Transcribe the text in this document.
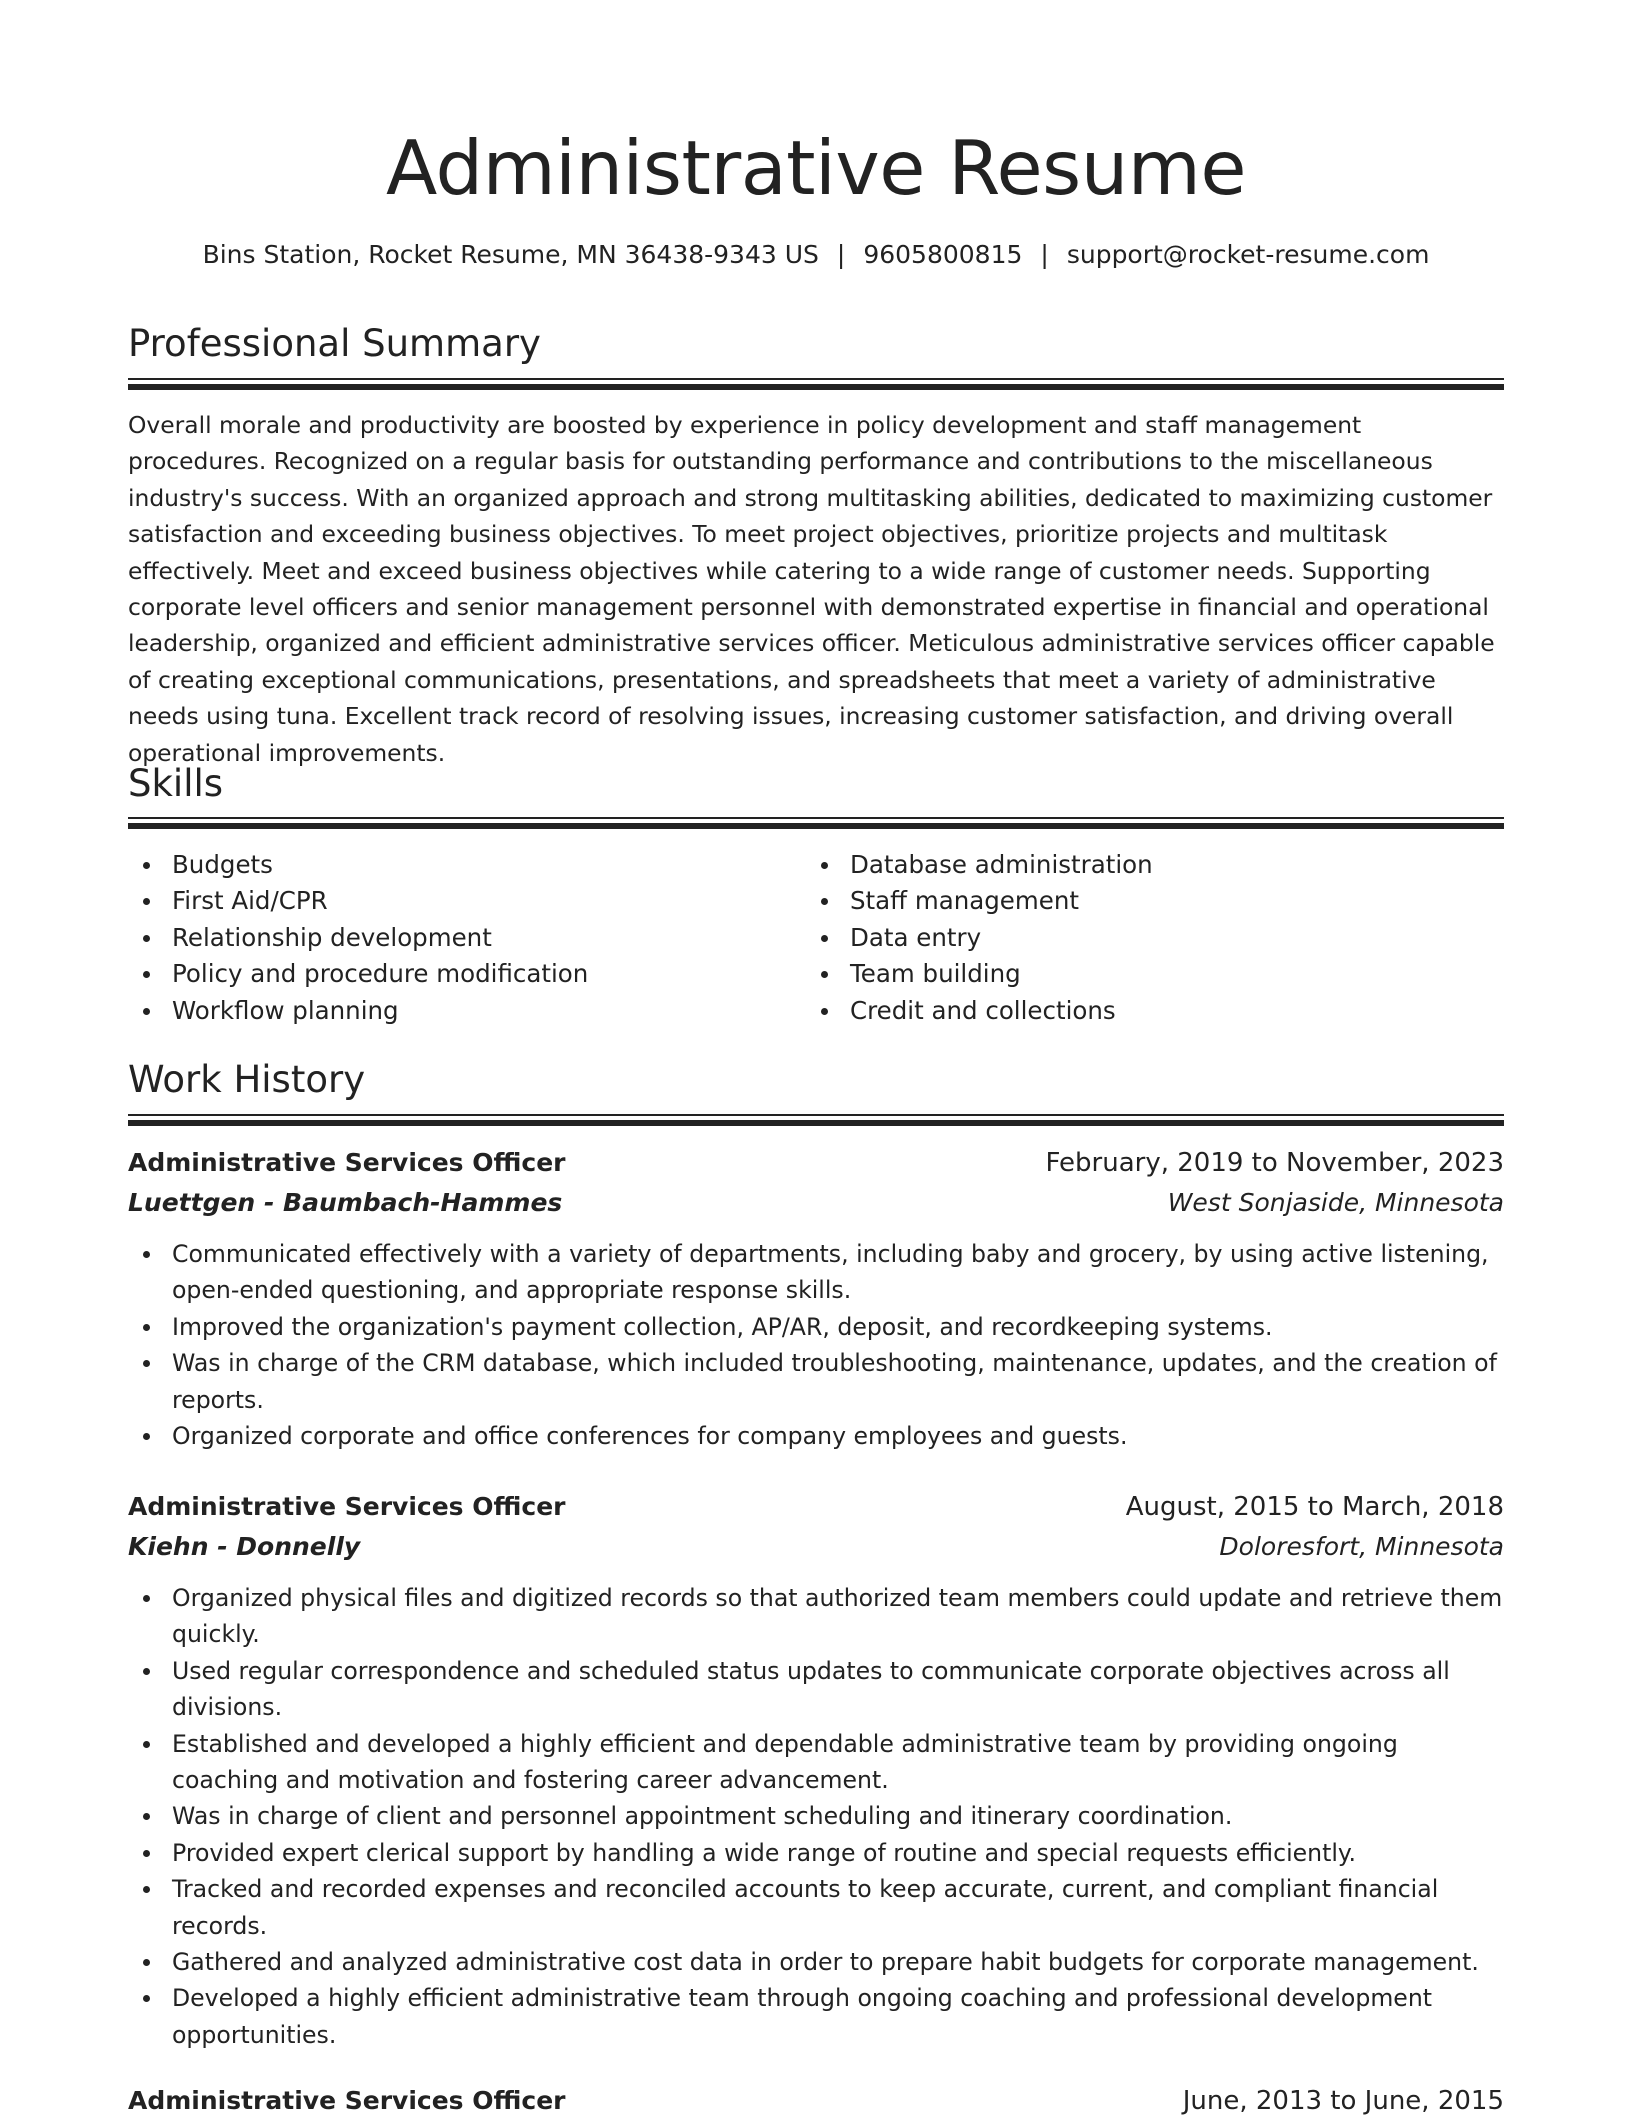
Administrative Resume
Bins Station, Rocket Resume, MN 36438-9343 US | 9605800815 | support@rocket-resume.com
Professional Summary

Overall morale and productivity are boosted by experience in policy development and staff management procedures. Recognized on a regular basis for outstanding performance and contributions to the miscellaneous industry's success. With an organized approach and strong multitasking abilities, dedicated to maximizing customer satisfaction and exceeding business objectives. To meet project objectives, prioritize projects and multitask effectively. Meet and exceed business objectives while catering to a wide range of customer needs. Supporting corporate level officers and senior management personnel with demonstrated expertise in financial and operational leadership, organized and efficient administrative services officer. Meticulous administrative services officer capable of creating exceptional communications, presentations, and spreadsheets that meet a variety of administrative needs using tuna. Excellent track record of resolving issues, increasing customer satisfaction, and driving overall operational improvements.

Skills
Budgets
First Aid/CPR
Relationship development
Policy and procedure modification
Workflow planning
Database administration
Staff management
Data entry
Team building
Credit and collections
Work History
Administrative Services Officer	February, 2019 to November, 2023
Luettgen - Baumbach-Hammes	West Sonjaside, Minnesota
Communicated effectively with a variety of departments, including baby and grocery, by using active listening, open-ended questioning, and appropriate response skills.
Improved the organization's payment collection, AP/AR, deposit, and recordkeeping systems.
Was in charge of the CRM database, which included troubleshooting, maintenance, updates, and the creation of reports.
Organized corporate and office conferences for company employees and guests.
Administrative Services Officer	August, 2015 to March, 2018
Kiehn - Donnelly	Doloresfort, Minnesota
Organized physical files and digitized records so that authorized team members could update and retrieve them quickly.
Used regular correspondence and scheduled status updates to communicate corporate objectives across all divisions.
Established and developed a highly efficient and dependable administrative team by providing ongoing coaching and motivation and fostering career advancement.
Was in charge of client and personnel appointment scheduling and itinerary coordination.
Provided expert clerical support by handling a wide range of routine and special requests efficiently.
Tracked and recorded expenses and reconciled accounts to keep accurate, current, and compliant financial records.
Gathered and analyzed administrative cost data in order to prepare habit budgets for corporate management.
Developed a highly efficient administrative team through ongoing coaching and professional development opportunities.
Administrative Services Officer	June, 2013 to June, 2015
